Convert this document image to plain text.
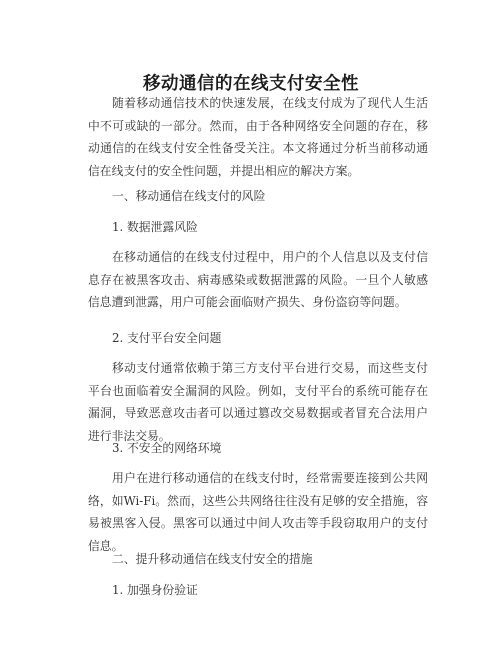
移动通信的在线支付安全性

随着移动通信技术的快速发展，在线支付成为了现代人生活中不可或缺的一部分。然而，由于各种网络安全问题的存在，移动通信的在线支付安全性备受关注。本文将通过分析当前移动通信在线支付的安全性问题，并提出相应的解决方案。

一、移动通信在线支付的风险

1. 数据泄露风险

在移动通信的在线支付过程中，用户的个人信息以及支付信息存在被黑客攻击、病毒感染或数据泄露的风险。一旦个人敏感信息遭到泄露，用户可能会面临财产损失、身份盗窃等问题。

2. 支付平台安全问题

移动支付通常依赖于第三方支付平台进行交易，而这些支付平台也面临着安全漏洞的风险。例如，支付平台的系统可能存在漏洞，导致恶意攻击者可以通过篡改交易数据或者冒充合法用户进行非法交易。

3. 不安全的网络环境

用户在进行移动通信的在线支付时，经常需要连接到公共网络，如Wi-Fi。然而，这些公共网络往往没有足够的安全措施，容易被黑客入侵。黑客可以通过中间人攻击等手段窃取用户的支付信息。

二、提升移动通信在线支付安全的措施

1. 加强身份验证
